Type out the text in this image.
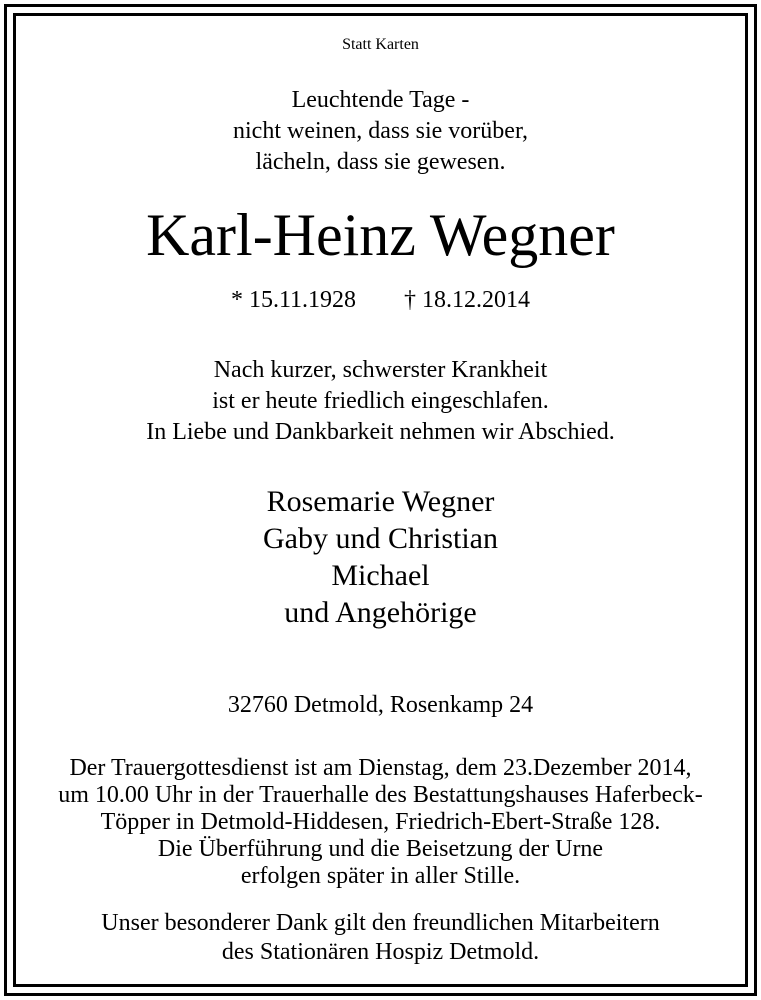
Statt Karten
Leuchtende Tage -
nicht weinen, dass sie vorüber,
lächeln, dass sie gewesen.
Karl-Heinz Wegner
* 15.11.1928 † 18.12.2014
Nach kurzer, schwerster Krankheit
ist er heute friedlich eingeschlafen.
In Liebe und Dankbarkeit nehmen wir Abschied.
Rosemarie Wegner
Gaby und Christian
Michael
und Angehörige
32760 Detmold, Rosenkamp 24
Der Trauergottesdienst ist am Dienstag, dem 23.Dezember 2014,
um 10.00 Uhr in der Trauerhalle des Bestattungshauses Haferbeck-
Töpper in Detmold-Hiddesen, Friedrich-Ebert-Straße 128.
Die Überführung und die Beisetzung der Urne
erfolgen später in aller Stille.
Unser besonderer Dank gilt den freundlichen Mitarbeitern
des Stationären Hospiz Detmold.
